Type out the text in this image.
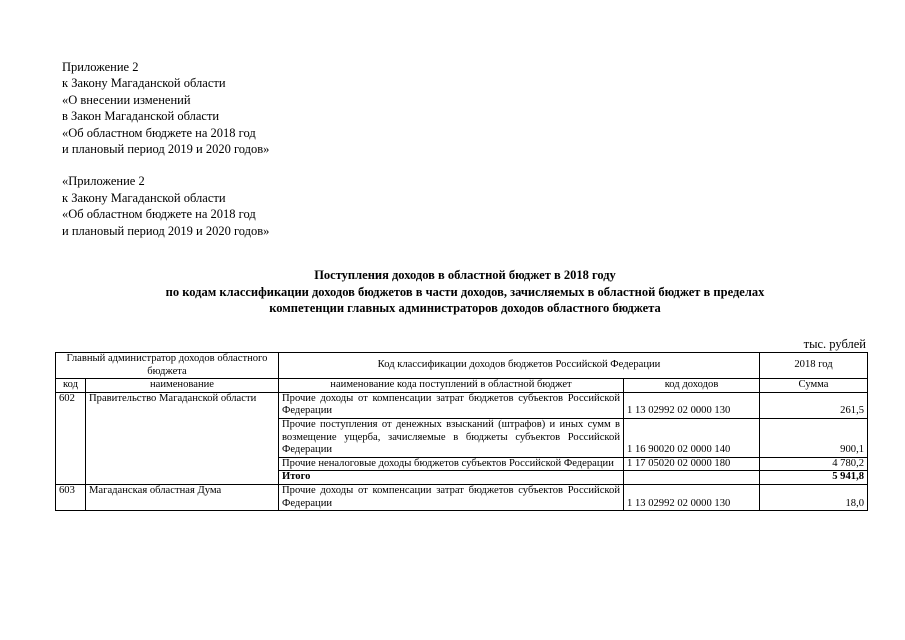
Приложение 2

к Закону Магаданской области

«О внесении изменений

в Закон Магаданской области

«Об областном бюджете на 2018 год

и плановый период 2019 и 2020 годов»

«Приложение 2

к Закону Магаданской области

«Об областном бюджете на 2018 год

и плановый период 2019 и 2020 годов»

Поступления доходов в областной бюджет в 2018 году

по кодам классификации доходов бюджетов в части доходов, зачисляемых в областной бюджет в пределах

компетенции главных администраторов доходов областного бюджета

тыс. рублей
Главный администратор доходов областного бюджета		Код классификации доходов бюджетов Российской Федерации		2018 год
код	наименование	наименование кода поступлений в областной бюджет	код доходов	Сумма
602	Правительство Магаданской области	Прочие доходы от компенсации затрат бюджетов субъектов Российской Федерации	1 13 02992 02 0000 130	261,5
		Прочие поступления от денежных взысканий (штрафов) и иных сумм в возмещение ущерба, зачисляемые в бюджеты субъектов Российской Федерации	1 16 90020 02 0000 140	900,1
		Прочие неналоговые доходы бюджетов субъектов Российской Федерации	1 17 05020 02 0000 180	4 780,2
		Итого		5 941,8
603	Магаданская областная Дума	Прочие доходы от компенсации затрат бюджетов субъектов Российской Федерации	1 13 02992 02 0000 130	18,0
